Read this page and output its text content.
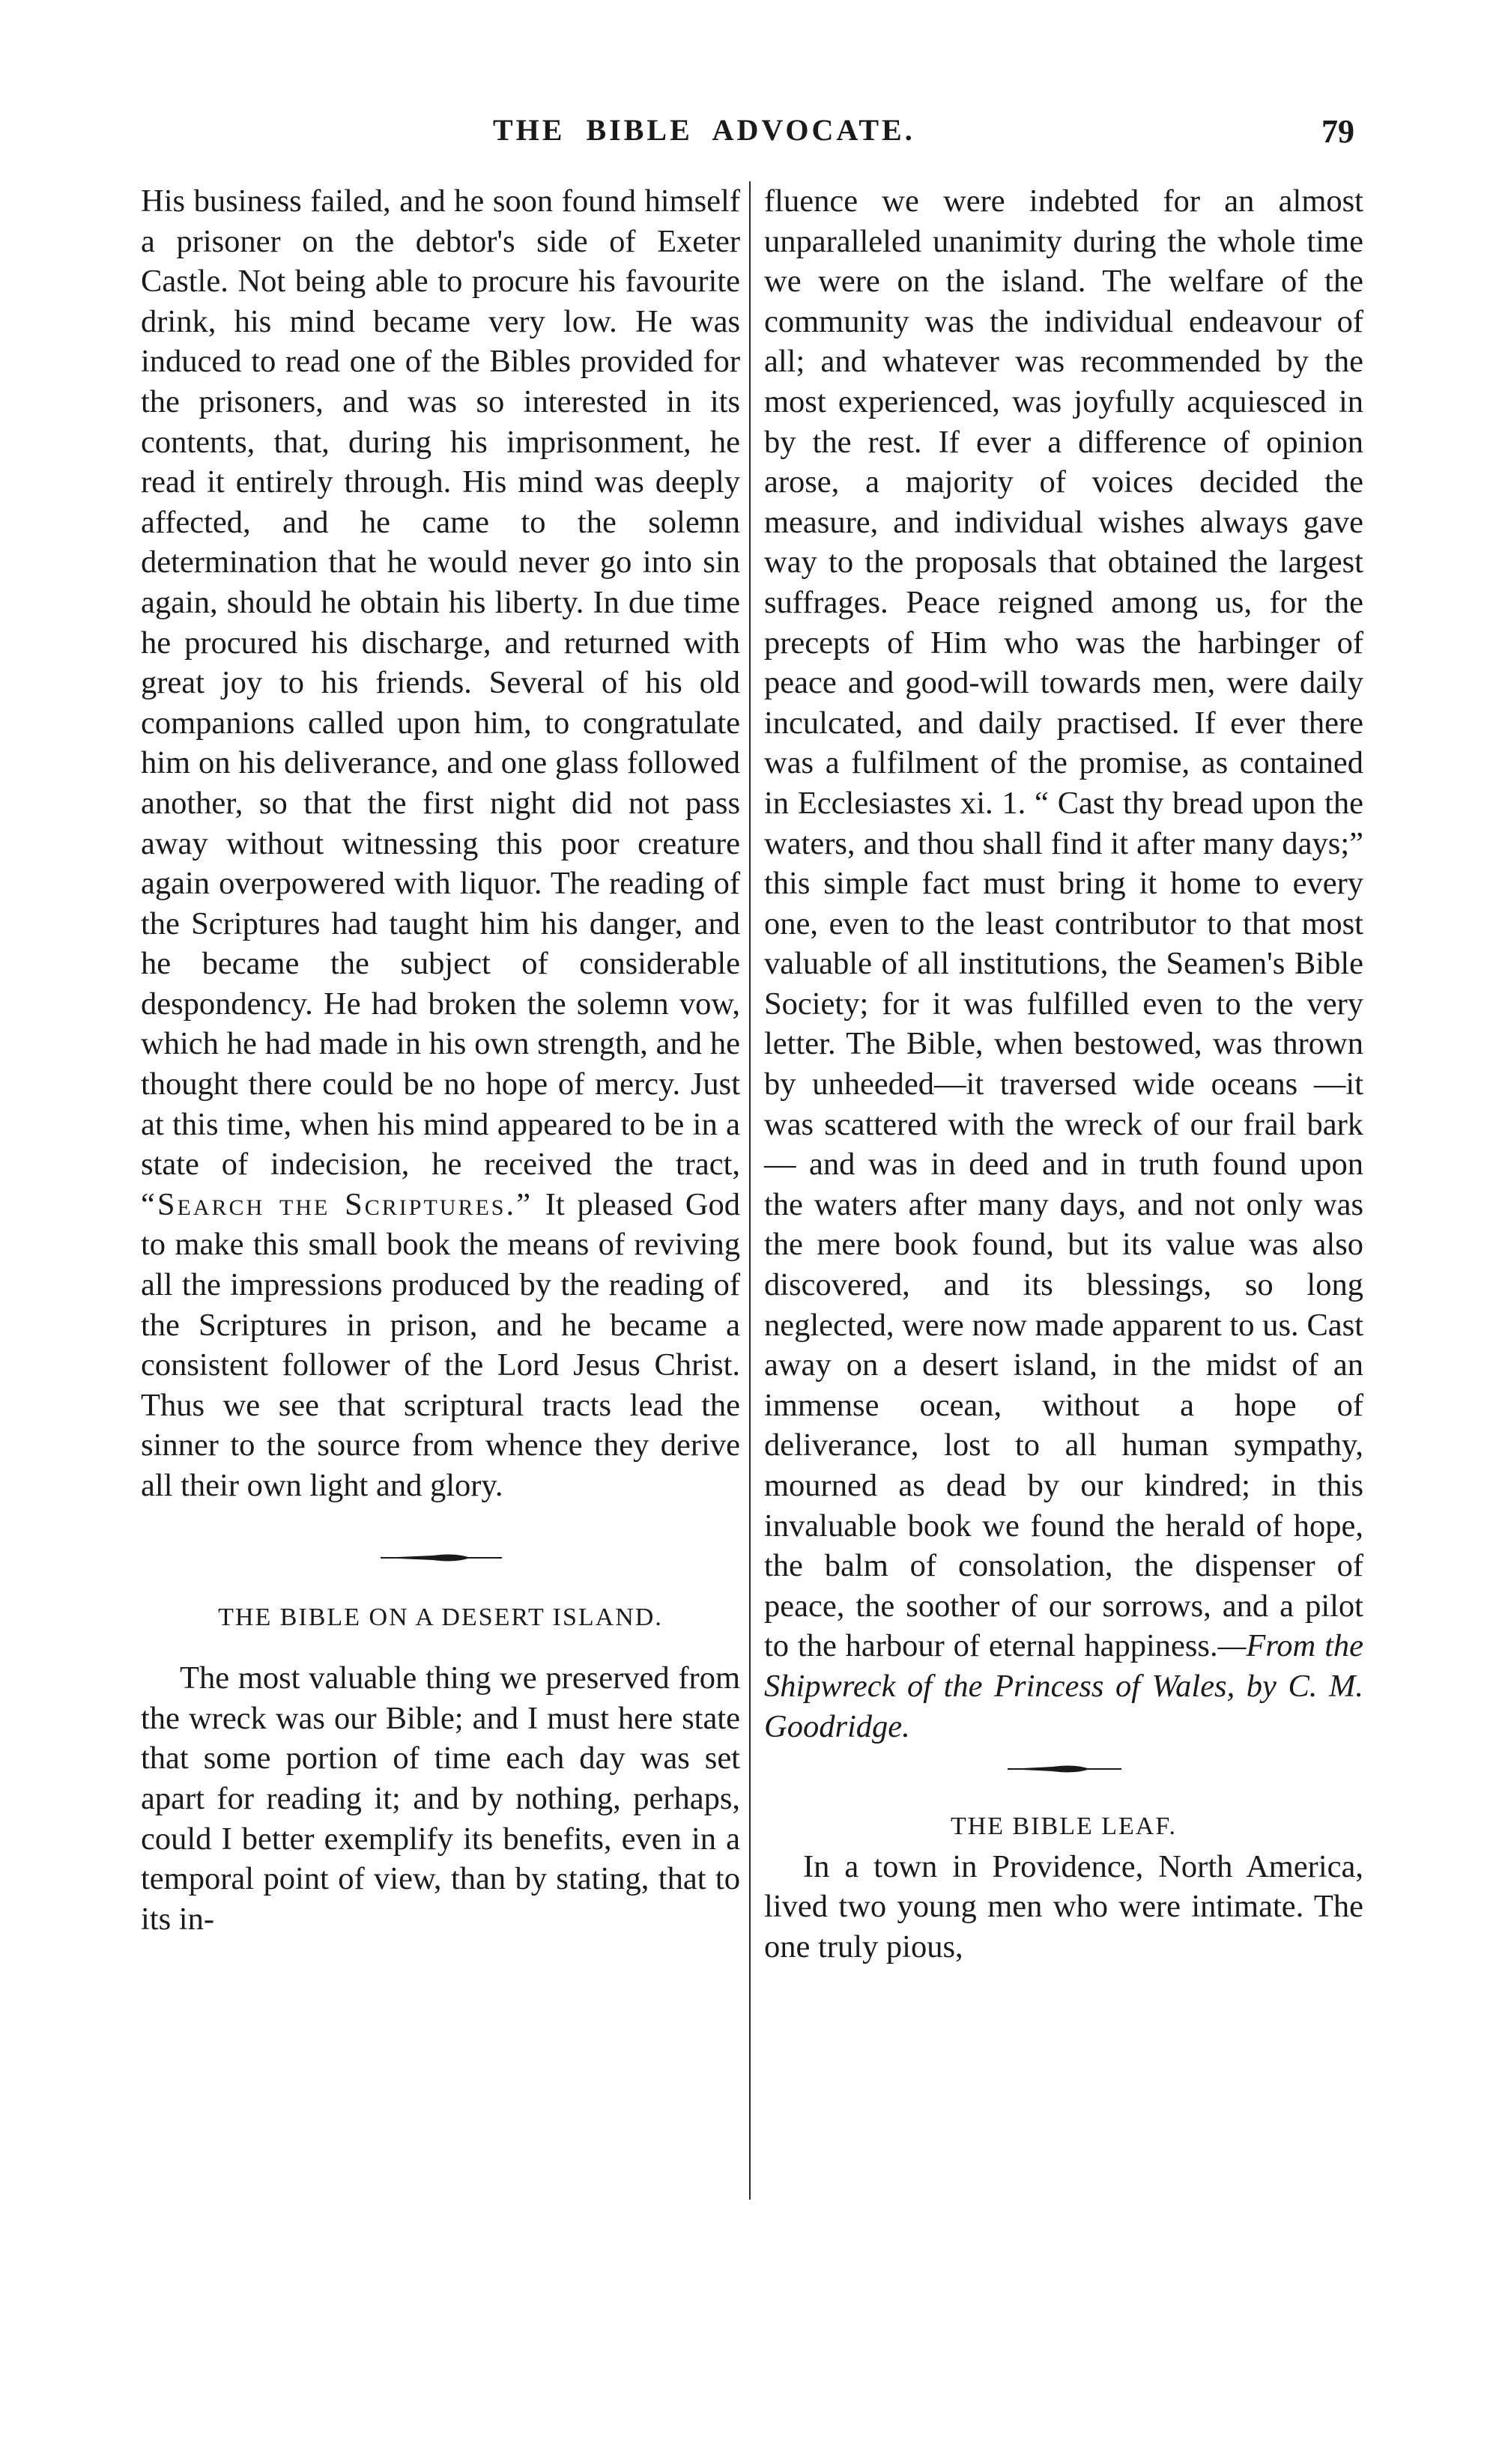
THE BIBLE ADVOCATE.	79

His business failed, and he soon found himself a prisoner on the debtor's side of Exeter Castle. Not being able to procure his favourite drink, his mind became very low. He was induced to read one of the Bibles provided for the prisoners, and was so interested in its contents, that, during his imprisonment, he read it entirely through. His mind was deeply affected, and he came to the solemn determination that he would never go into sin again, should he obtain his liberty. In due time he procured his discharge, and returned with great joy to his friends. Several of his old companions called upon him, to congratulate him on his deliverance, and one glass followed another, so that the first night did not pass away without witnessing this poor creature again overpowered with liquor. The reading of the Scriptures had taught him his danger, and he became the subject of considerable despondency. He had broken the solemn vow, which he had made in his own strength, and he thought there could be no hope of mercy. Just at this time, when his mind appeared to be in a state of indecision, he received the tract, “Search the Scriptures.” It pleased God to make this small book the means of reviving all the impressions produced by the reading of the Scriptures in prison, and he became a consistent follower of the Lord Jesus Christ. Thus we see that scriptural tracts lead the sinner to the source from whence they derive all their own light and glory.

THE BIBLE ON A DESERT ISLAND.

The most valuable thing we preserved from the wreck was our Bible; and I must here state that some portion of time each day was set apart for reading it; and by nothing, perhaps, could I better exemplify its benefits, even in a temporal point of view, than by stating, that to its in-

fluence we were indebted for an almost unparalleled unanimity during the whole time we were on the island. The welfare of the community was the individual endeavour of all; and whatever was recommended by the most experienced, was joyfully acquiesced in by the rest. If ever a difference of opinion arose, a majority of voices decided the measure, and individual wishes always gave way to the proposals that obtained the largest suffrages. Peace reigned among us, for the precepts of Him who was the harbinger of peace and good-will towards men, were daily inculcated, and daily practised. If ever there was a fulfilment of the promise, as contained in Ecclesiastes xi. 1. “ Cast thy bread upon the waters, and thou shall find it after many days;” this simple fact must bring it home to every one, even to the least contributor to that most valuable of all institutions, the Seamen's Bible Society; for it was fulfilled even to the very letter. The Bible, when bestowed, was thrown by unheeded—it traversed wide oceans —it was scattered with the wreck of our frail bark— and was in deed and in truth found upon the waters after many days, and not only was the mere book found, but its value was also discovered, and its blessings, so long neglected, were now made apparent to us. Cast away on a desert island, in the midst of an immense ocean, without a hope of deliverance, lost to all human sympathy, mourned as dead by our kindred; in this invaluable book we found the herald of hope, the balm of consolation, the dispenser of peace, the soother of our sorrows, and a pilot to the harbour of eternal happiness.—From the Shipwreck of the Princess of Wales, by C. M. Goodridge.

THE BIBLE LEAF.

In a town in Providence, North America, lived two young men who were intimate. The one truly pious,
